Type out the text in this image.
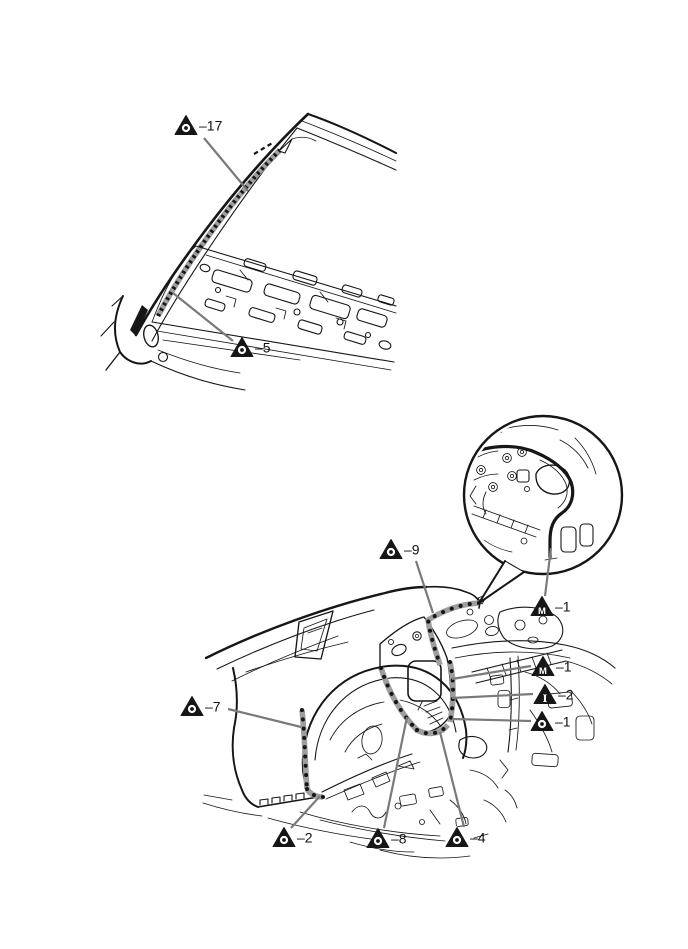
–17
–5
–9
M –1
M –1
I –2
–1
–7
–2	–8	–4
